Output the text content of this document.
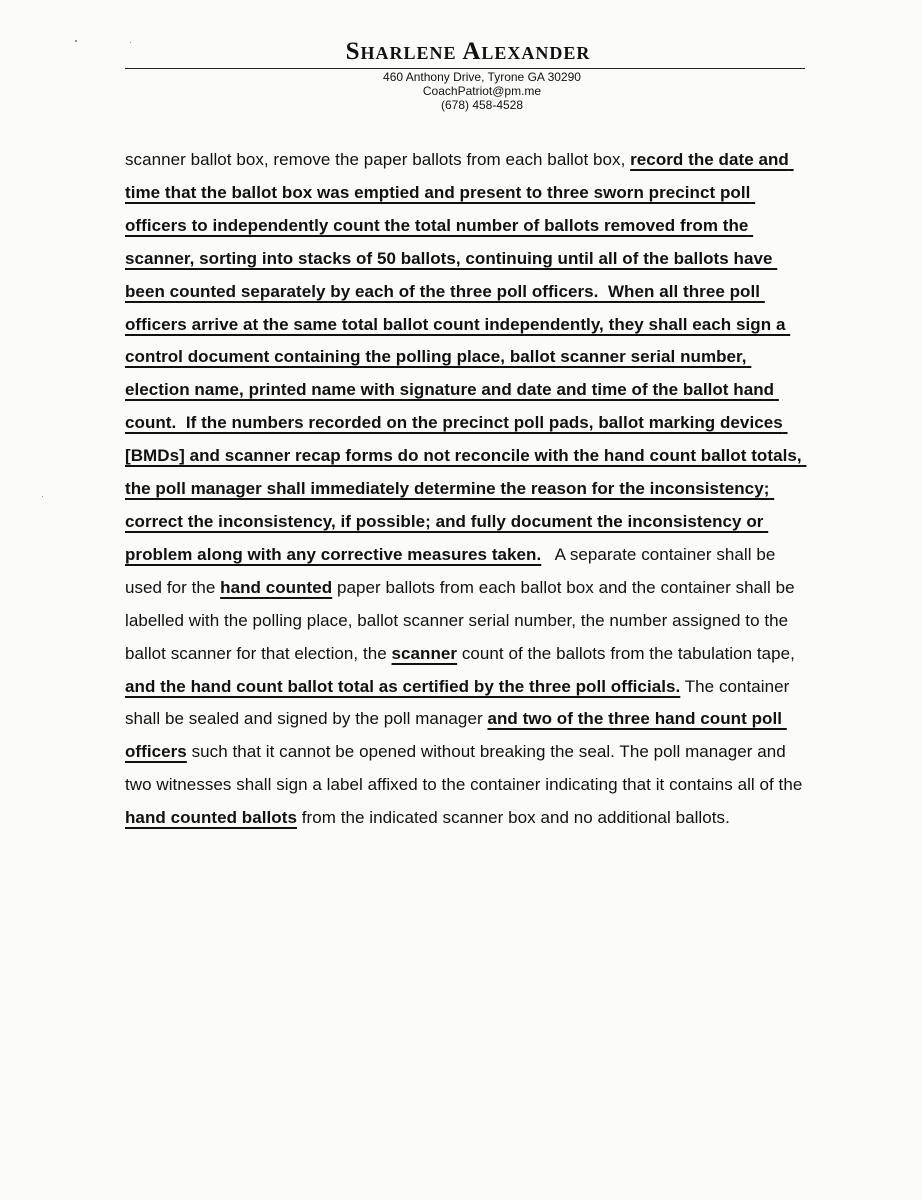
Sharlene Alexander
460 Anthony Drive, Tyrone GA 30290
CoachPatriot@pm.me
(678) 458-4528
scanner ballot box, remove the paper ballots from each ballot box, record the date and time that the ballot box was emptied and present to three sworn precinct poll officers to independently count the total number of ballots removed from the scanner, sorting into stacks of 50 ballots, continuing until all of the ballots have been counted separately by each of the three poll officers.  When all three poll officers arrive at the same total ballot count independently, they shall each sign a control document containing the polling place, ballot scanner serial number, election name, printed name with signature and date and time of the ballot hand count.  If the numbers recorded on the precinct poll pads, ballot marking devices [BMDs] and scanner recap forms do not reconcile with the hand count ballot totals, the poll manager shall immediately determine the reason for the inconsistency; correct the inconsistency, if possible; and fully document the inconsistency or problem along with any corrective measures taken.   A separate container shall be used for the hand counted paper ballots from each ballot box and the container shall be labelled with the polling place, ballot scanner serial number, the number assigned to the ballot scanner for that election, the scanner count of the ballots from the tabulation tape, and the hand count ballot total as certified by the three poll officials. The container shall be sealed and signed by the poll manager and two of the three hand count poll officers such that it cannot be opened without breaking the seal. The poll manager and two witnesses shall sign a label affixed to the container indicating that it contains all of the hand counted ballots from the indicated scanner box and no additional ballots.
